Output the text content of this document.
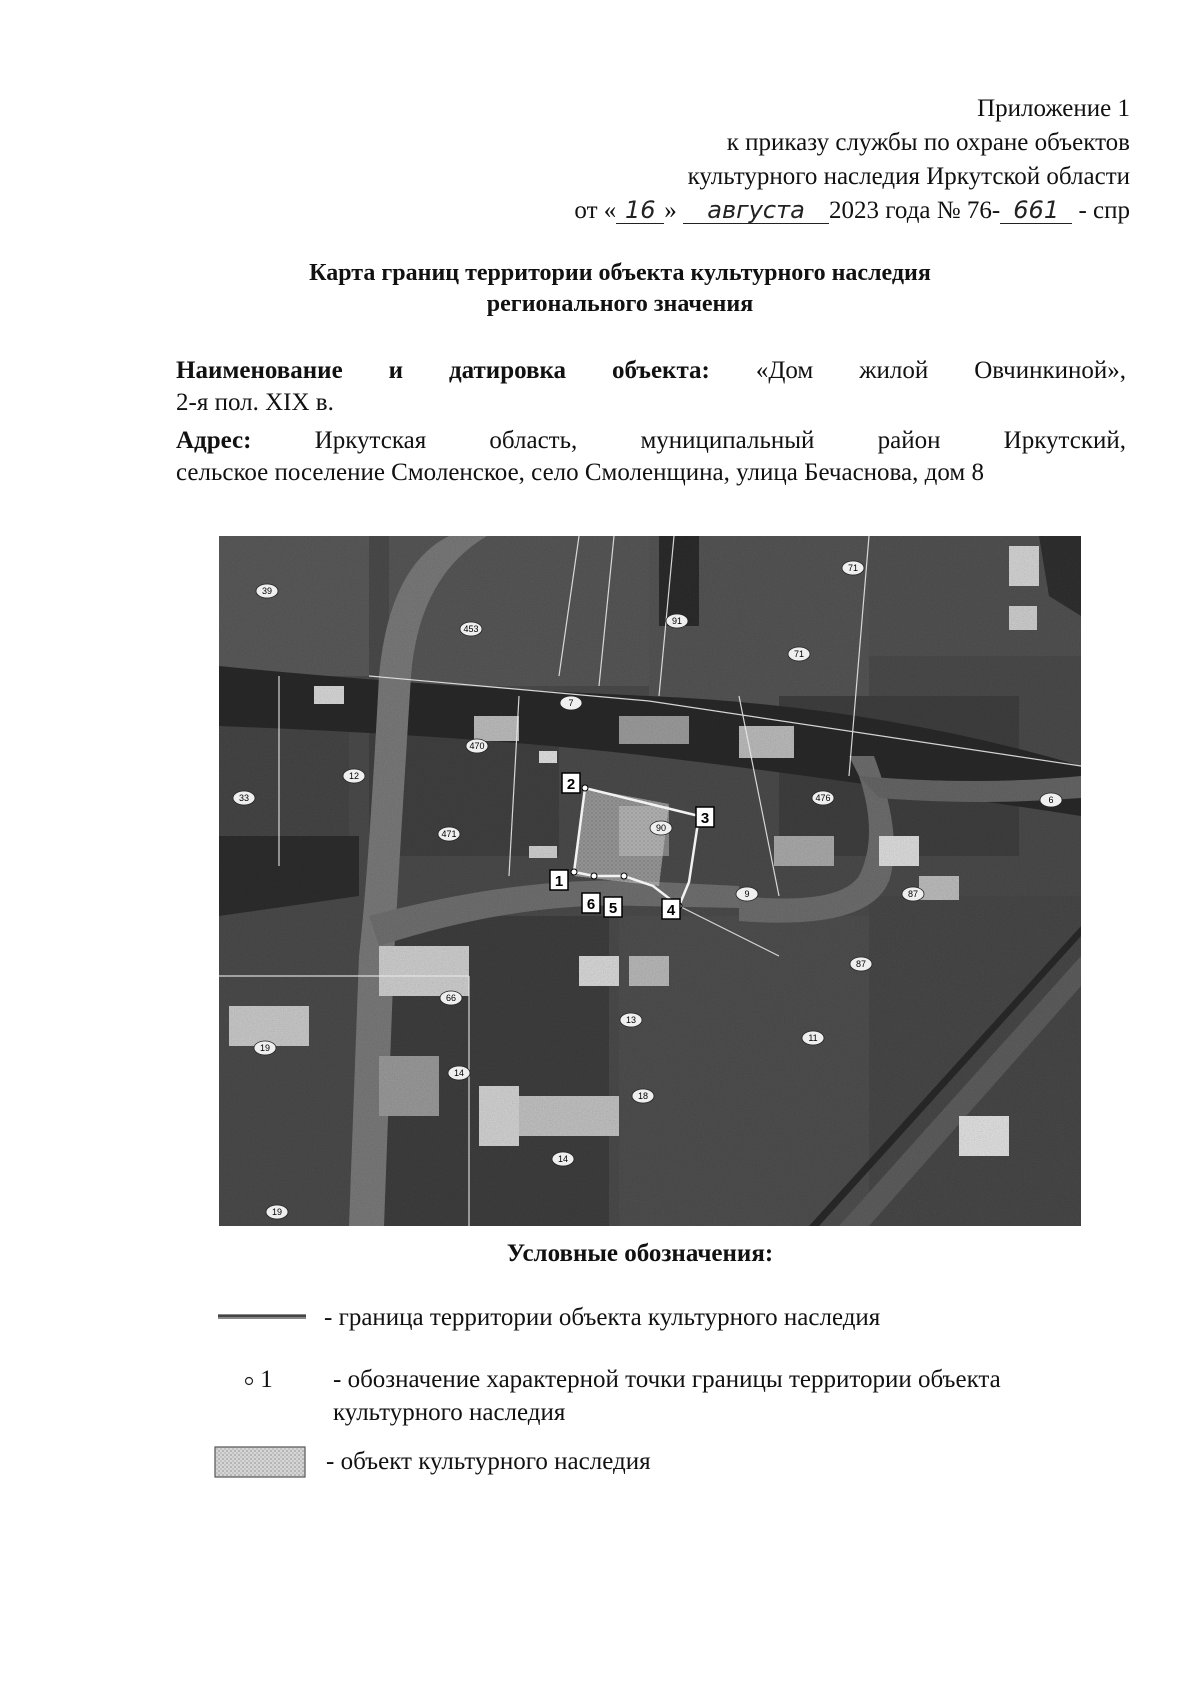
Приложение 1
к приказу службы по охране объектов
культурного наследия Иркутской области
от « 16 » августа 2023 года № 76- 661 - спр
Карта границ территории объекта культурного наследия
регионального значения

Наименование и датировка объекта: «Дом жилой Овчинкиной»,

2-я пол. XIX в.

Адрес:	Иркутская область, муниципальный район Иркутский,

сельское поселение Смоленское, село Смоленщина, улица Бечаснова, дом 8

1
2
3
4
5
6
39
453
91
71
71
7
470
12
33
471
90
476	6
9	87
87
66
13
11
19
14
18
14
19
Условные обозначения:
- граница территории объекта культурного наследия
1 - обозначение характерной точки границы территории объекта
культурного наследия
- объект культурного наследия
